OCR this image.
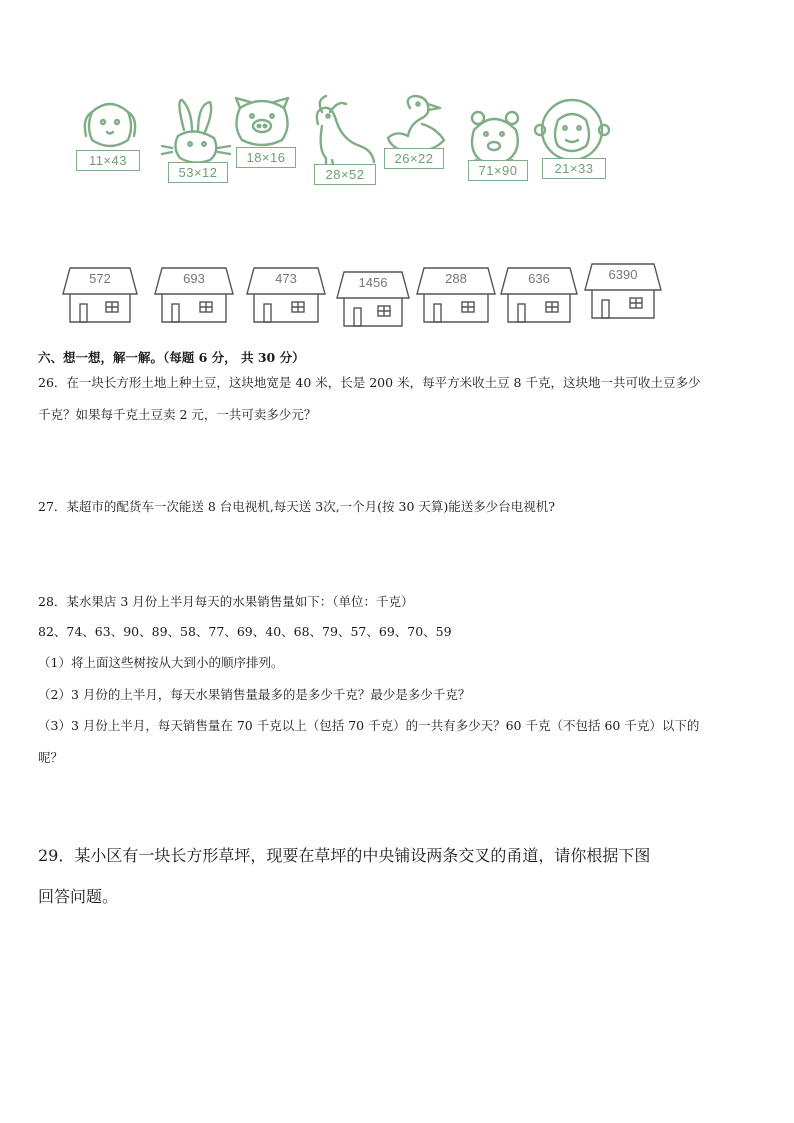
11×43
53×12
18×16
28×52
26×22
71×90	21×33
572	693	473	1456	288	636	6390
六、想一想，解一解。（每题 6 分， 共 30 分）
26．在一块长方形土地上种土豆，这块地宽是 40 米，长是 200 米，每平方米收土豆 8 千克，这块地一共可收土豆多少
千克？如果每千克土豆卖 2 元，一共可卖多少元？
27．某超市的配货车一次能送 8 台电视机,每天送 3次,一个月(按 30 天算)能送多少台电视机?
28．某水果店 3 月份上半月每天的水果销售量如下：（单位：千克）
82、74、63、90、89、58、77、69、40、68、79、57、69、70、59
（1）将上面这些树按从大到小的顺序排列。
（2）3 月份的上半月，每天水果销售量最多的是多少千克？最少是多少千克？
（3）3 月份上半月，每天销售量在 70 千克以上（包括 70 千克）的一共有多少天？60 千克（不包括 60 千克）以下的
呢？
29．某小区有一块长方形草坪，现要在草坪的中央铺设两条交叉的甬道，请你根据下图
回答问题。
